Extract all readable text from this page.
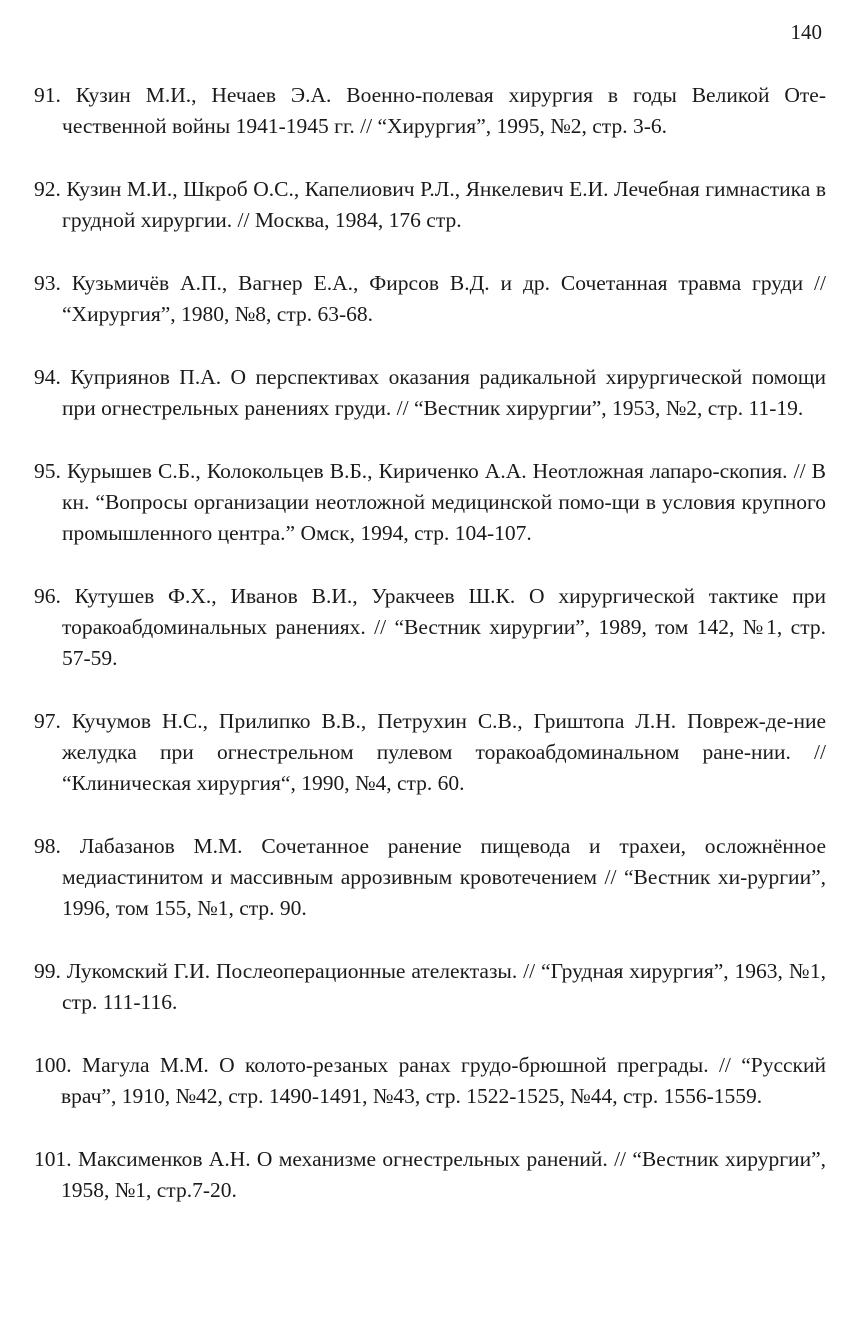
140
91. Кузин М.И., Нечаев Э.А. Военно-полевая хирургия в годы Великой Оте-чественной войны 1941-1945 гг. // “Хирургия”, 1995, №2, стр. 3-6.
92. Кузин М.И., Шкроб О.С., Капелиович Р.Л., Янкелевич Е.И. Лечебная гимнастика в грудной хирургии. // Москва, 1984, 176 стр.
93. Кузьмичёв А.П., Вагнер Е.А., Фирсов В.Д. и др. Сочетанная травма груди // “Хирургия”, 1980, №8, стр. 63-68.
94. Куприянов П.А. О перспективах оказания радикальной хирургической помощи при огнестрельных ранениях груди. // “Вестник хирургии”, 1953, №2, стр. 11-19.
95. Курышев С.Б., Колокольцев В.Б., Кириченко А.А. Неотложная лапаро-скопия. // В кн. “Вопросы организации неотложной медицинской помо-щи в условия крупного промышленного центра.” Омск, 1994, стр. 104-107.
96. Кутушев Ф.Х., Иванов В.И., Уракчеев Ш.К. О хирургической тактике при торакоабдоминальных ранениях. // “Вестник хирургии”, 1989, том 142, №1, стр. 57-59.
97. Кучумов Н.С., Прилипко В.В., Петрухин С.В., Гриштопа Л.Н. Повреж-де-ние желудка при огнестрельном пулевом торакоабдоминальном ране-нии. // “Клиническая хирургия“, 1990, №4, стр. 60.
98. Лабазанов М.М. Сочетанное ранение пищевода и трахеи, осложнённое медиастинитом и массивным аррозивным кровотечением // “Вестник хи-рургии”, 1996, том 155, №1, стр. 90.
99. Лукомский Г.И. Послеоперационные ателектазы. // “Грудная хирургия”, 1963, №1, стр. 111-116.
100. Магула М.М. О колото-резаных ранах грудо-брюшной преграды. // “Русский врач”, 1910, №42, стр. 1490-1491, №43, стр. 1522-1525, №44, стр. 1556-1559.
101. Максименков А.Н. О механизме огнестрельных ранений. // “Вестник хирургии”, 1958, №1, стр.7-20.
